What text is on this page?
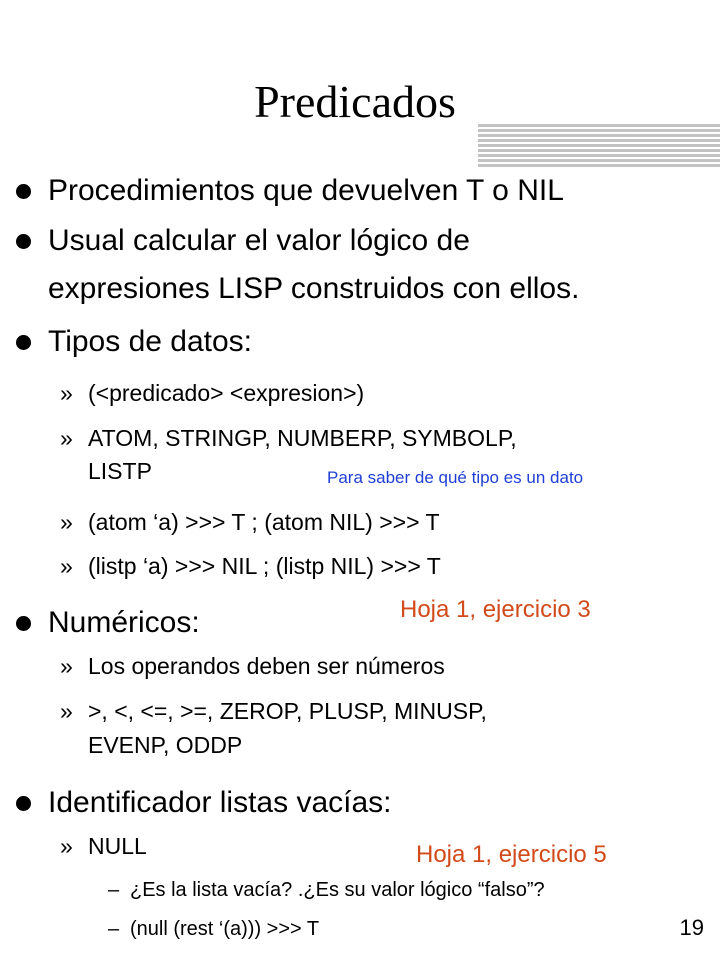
Predicados
Procedimientos que devuelven T o NIL
Usual calcular el valor lógico de
expresiones LISP construidos con ellos.
Tipos de datos:
» (<predicado> <expresion>)
» ATOM, STRINGP, NUMBERP, SYMBOLP,
LISTP	Para saber de qué tipo es un dato
» (atom ‘a) >>> T ; (atom NIL) >>> T
» (listp ‘a) >>> NIL ; (listp NIL) >>> T
Hoja 1, ejercicio 3
Numéricos:
» Los operandos deben ser números
» >, <, <=, >=, ZEROP, PLUSP, MINUSP,
EVENP, ODDP
Identificador listas vacías:
» NULL	Hoja 1, ejercicio 5
– ¿Es la lista vacía? .¿Es su valor lógico “falso”?
– (null (rest ‘(a))) >>> T	19
